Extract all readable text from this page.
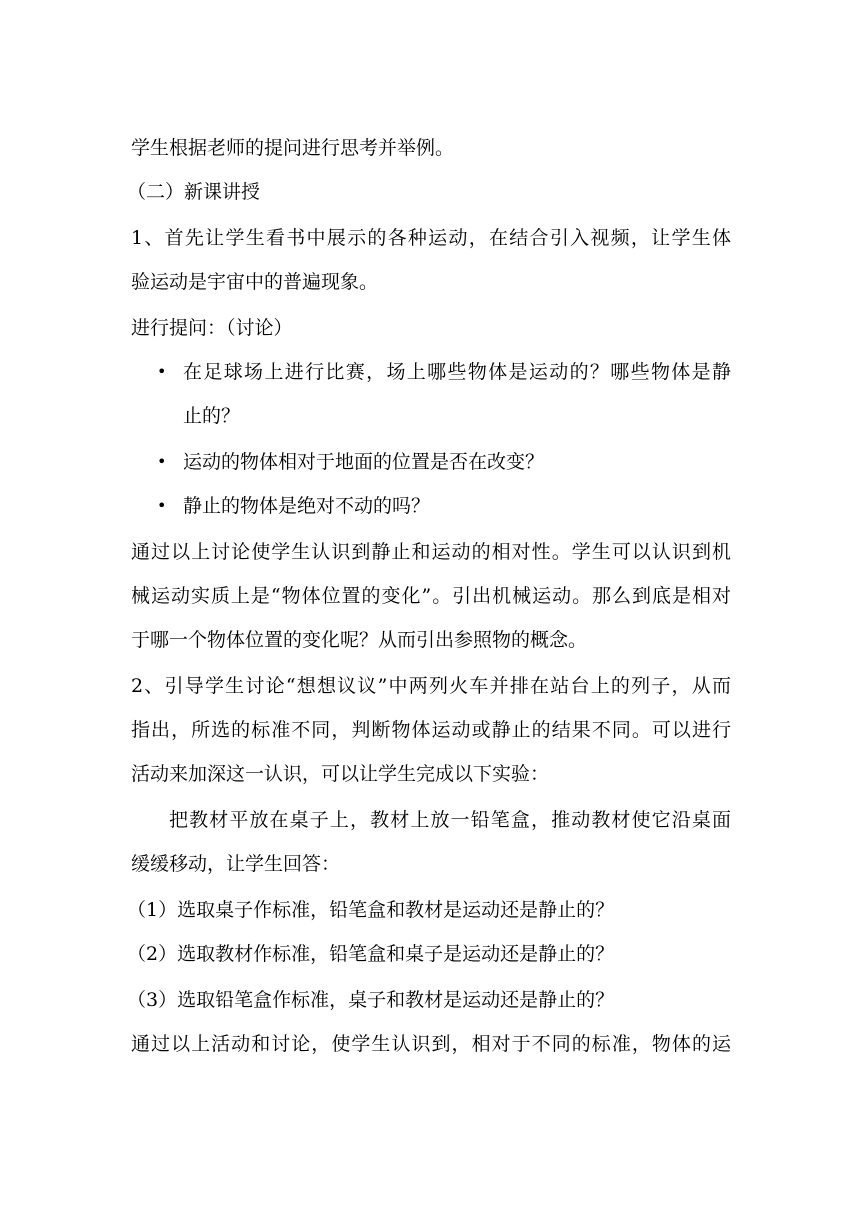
学生根据老师的提问进行思考并举例。
（二）新课讲授
1、首先让学生看书中展示的各种运动，在结合引入视频，让学生体
验运动是宇宙中的普遍现象。
进行提问：（讨论）
• 在足球场上进行比赛，场上哪些物体是运动的？哪些物体是静
止的？
• 运动的物体相对于地面的位置是否在改变？
• 静止的物体是绝对不动的吗？
通过以上讨论使学生认识到静止和运动的相对性。学生可以认识到机
械运动实质上是“物体位置的变化”。引出机械运动。那么到底是相对
于哪一个物体位置的变化呢？从而引出参照物的概念。
2、引导学生讨论“想想议议”中两列火车并排在站台上的列子，从而
指出，所选的标准不同，判断物体运动或静止的结果不同。可以进行
活动来加深这一认识，可以让学生完成以下实验：
把教材平放在桌子上，教材上放一铅笔盒，推动教材使它沿桌面
缓缓移动，让学生回答：
（1）选取桌子作标准，铅笔盒和教材是运动还是静止的？
（2）选取教材作标准，铅笔盒和桌子是运动还是静止的？
（3）选取铅笔盒作标准，桌子和教材是运动还是静止的？
通过以上活动和讨论，使学生认识到，相对于不同的标准，物体的运
